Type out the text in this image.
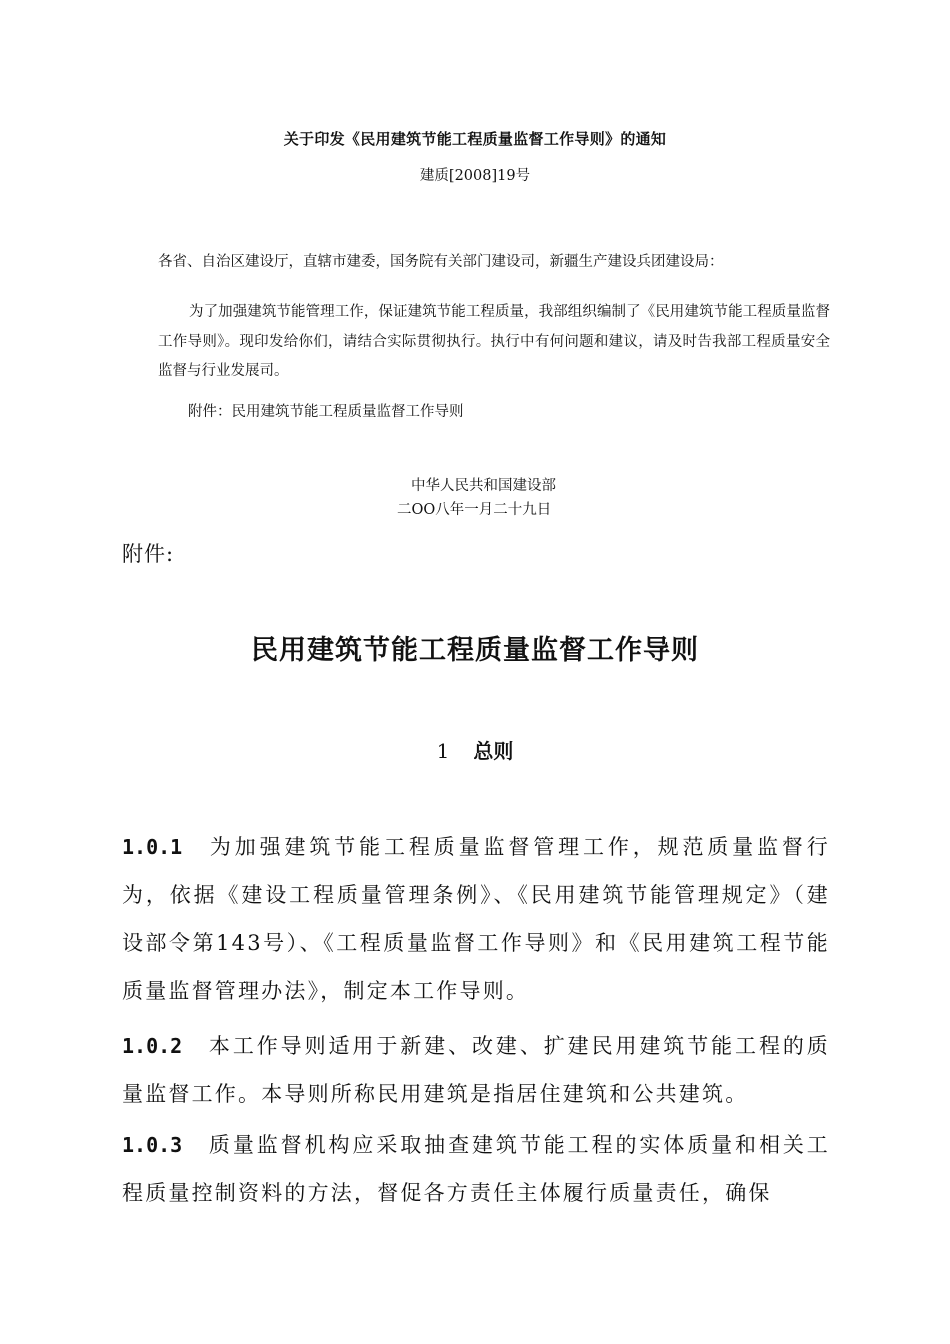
关于印发《民用建筑节能工程质量监督工作导则》的通知
建质[2008]19号
各省、自治区建设厅，直辖市建委，国务院有关部门建设司，新疆生产建设兵团建设局：
为了加强建筑节能管理工作，保证建筑节能工程质量，我部组织编制了《民用建筑节能工程质量监督工作导则》。现印发给你们，请结合实际贯彻执行。执行中有何问题和建议，请及时告我部工程质量安全监督与行业发展司。
附件：民用建筑节能工程质量监督工作导则
中华人民共和国建设部
二OO八年一月二十九日
附件:
民用建筑节能工程质量监督工作导则
1 总则
1.0.1 为加强建筑节能工程质量监督管理工作，规范质量监督行为，依据《建设工程质量管理条例》、《民用建筑节能管理规定》（建设部令第143号）、《工程质量监督工作导则》和《民用建筑工程节能质量监督管理办法》，制定本工作导则。
1.0.2 本工作导则适用于新建、改建、扩建民用建筑节能工程的质量监督工作。本导则所称民用建筑是指居住建筑和公共建筑。
1.0.3 质量监督机构应采取抽查建筑节能工程的实体质量和相关工程质量控制资料的方法，督促各方责任主体履行质量责任，确保
